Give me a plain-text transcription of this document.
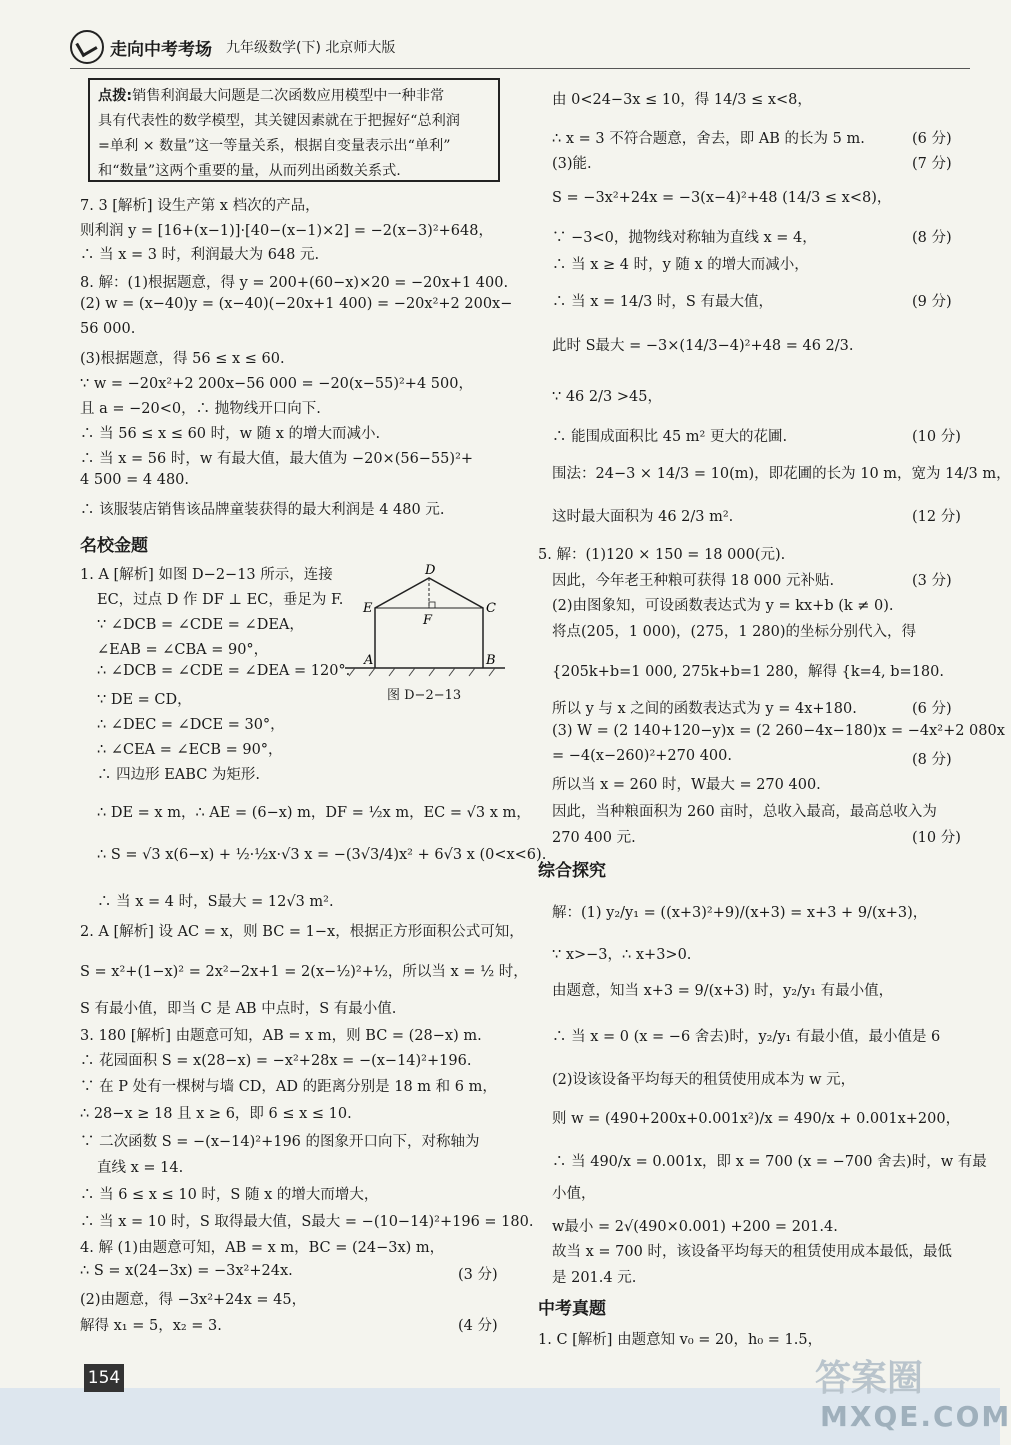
走向中考考场 九年级数学(下) 北京师大版
点拨:销售利润最大问题是二次函数应用模型中一种非常
具有代表性的数学模型，其关键因素就在于把握好“总利润
=单利 × 数量”这一等量关系，根据自变量表示出“单利”
和“数量”这两个重要的量，从而列出函数关系式.
D
E	C
F
A	B
图 D−2−13
名校金题
综合探究
中考真题
154	答案圈
MXQE.COM
7. 3 [解析] 设生产第 x 档次的产品，
则利润 y = [16+(x−1)]·[40−(x−1)×2] = −2(x−3)²+648，
∴ 当 x = 3 时，利润最大为 648 元.
8. 解：(1)根据题意，得 y = 200+(60−x)×20 = −20x+1 400.
(2) w = (x−40)y = (x−40)(−20x+1 400) = −20x²+2 200x−
56 000.
(3)根据题意，得 56 ≤ x ≤ 60.
∵ w = −20x²+2 200x−56 000 = −20(x−55)²+4 500，
且 a = −20<0，∴ 抛物线开口向下.
∴ 当 56 ≤ x ≤ 60 时，w 随 x 的增大而减小.
∴ 当 x = 56 时，w 有最大值，最大值为 −20×(56−55)²+
4 500 = 4 480.
∴ 该服装店销售该品牌童装获得的最大利润是 4 480 元.
1. A [解析] 如图 D−2−13 所示，连接
EC，过点 D 作 DF ⊥ EC，垂足为 F.
∵ ∠DCB = ∠CDE = ∠DEA，
∠EAB = ∠CBA = 90°，
∴ ∠DCB = ∠CDE = ∠DEA = 120°.
∵ DE = CD，
∴ ∠DEC = ∠DCE = 30°，
∴ ∠CEA = ∠ECB = 90°，
∴ 四边形 EABC 为矩形.
∴ DE = x m，∴ AE = (6−x) m，DF = ½x m，EC = √3 x m，
∴ S = √3 x(6−x) + ½·½x·√3 x = −(3√3/4)x² + 6√3 x (0<x<6).
∴ 当 x = 4 时，S最大 = 12√3 m².
2. A [解析] 设 AC = x，则 BC = 1−x，根据正方形面积公式可知，
S = x²+(1−x)² = 2x²−2x+1 = 2(x−½)²+½，所以当 x = ½ 时，
S 有最小值，即当 C 是 AB 中点时，S 有最小值.
3. 180 [解析] 由题意可知，AB = x m，则 BC = (28−x) m.
∴ 花园面积 S = x(28−x) = −x²+28x = −(x−14)²+196.
∵ 在 P 处有一棵树与墙 CD，AD 的距离分别是 18 m 和 6 m，
∴ 28−x ≥ 18 且 x ≥ 6，即 6 ≤ x ≤ 10.
∵ 二次函数 S = −(x−14)²+196 的图象开口向下，对称轴为
直线 x = 14.
∴ 当 6 ≤ x ≤ 10 时，S 随 x 的增大而增大，
∴ 当 x = 10 时，S 取得最大值，S最大 = −(10−14)²+196 = 180.
4. 解 (1)由题意可知，AB = x m，BC = (24−3x) m，
∴ S = x(24−3x) = −3x²+24x.
(2)由题意，得 −3x²+24x = 45，
解得 x₁ = 5，x₂ = 3.
(3 分)
(4 分)
由 0<24−3x ≤ 10，得 14/3 ≤ x<8，
∴ x = 3 不符合题意，舍去，即 AB 的长为 5 m.
(3)能.
S = −3x²+24x = −3(x−4)²+48 (14/3 ≤ x<8)，
∵ −3<0，抛物线对称轴为直线 x = 4，
∴ 当 x ≥ 4 时，y 随 x 的增大而减小，
∴ 当 x = 14/3 时，S 有最大值，
此时 S最大 = −3×(14/3−4)²+48 = 46 2/3.
∵ 46 2/3 >45，
∴ 能围成面积比 45 m² 更大的花圃.
围法：24−3 × 14/3 = 10(m)，即花圃的长为 10 m，宽为 14/3 m，
这时最大面积为 46 2/3 m².
5. 解：(1)120 × 150 = 18 000(元).
因此，今年老王种粮可获得 18 000 元补贴.
(2)由图象知，可设函数表达式为 y = kx+b (k ≠ 0).
将点(205，1 000)，(275，1 280)的坐标分别代入，得
{205k+b=1 000, 275k+b=1 280，解得 {k=4, b=180.
所以 y 与 x 之间的函数表达式为 y = 4x+180.
(3) W = (2 140+120−y)x = (2 260−4x−180)x = −4x²+2 080x
= −4(x−260)²+270 400.
所以当 x = 260 时，W最大 = 270 400.
因此，当种粮面积为 260 亩时，总收入最高，最高总收入为
270 400 元.
(6 分)
(7 分)
(8 分)
(9 分)
(10 分)
(12 分)
(3 分)
(6 分)
(8 分)
(10 分)
解：(1) y₂/y₁ = ((x+3)²+9)/(x+3) = x+3 + 9/(x+3)，
∵ x>−3，∴ x+3>0.
由题意，知当 x+3 = 9/(x+3) 时，y₂/y₁ 有最小值，
∴ 当 x = 0 (x = −6 舍去)时，y₂/y₁ 有最小值，最小值是 6
(2)设该设备平均每天的租赁使用成本为 w 元，
则 w = (490+200x+0.001x²)/x = 490/x + 0.001x+200，
∴ 当 490/x = 0.001x，即 x = 700 (x = −700 舍去)时，w 有最
小值，
w最小 = 2√(490×0.001) +200 = 201.4.
故当 x = 700 时，该设备平均每天的租赁使用成本最低，最低
是 201.4 元.
1. C [解析] 由题意知 v₀ = 20，h₀ = 1.5，
